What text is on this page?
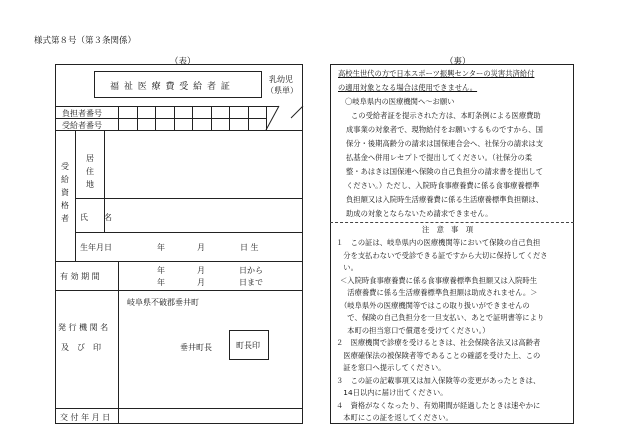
様式第８号（第３条関係）
（表）
福 祉 医 療 費 受 給 者 証
乳幼児
（県単）
負担者番号
受給者番号
受
給
資
格
者
居
住
地
氏　　名
生年月日	年	月	日 生
有 効 期 間
年	月	日から
年	月	日まで
発 行 機 関 名
及　び　印
岐阜県不破郡垂井町
垂井町長	町長印
交 付 年 月 日
（裏）
高校生世代の方で日本スポーツ振興センターの災害共済給付
の適用対象となる場合は使用できません。
〇岐阜県内の医療機関へ～お願い
この受給者証を提示された方は、本町条例による医療費助
成事業の対象者で、現物給付をお願いするものですから、国
保分・後期高齢分の請求は国保連合会へ、社保分の請求は支
払基金へ併用レセプトで提出してください。（社保分の柔
整・あはきは国保連へ保険の自己負担分の請求書を提出して
ください。）ただし、入院時食事療養費に係る食事療養標準
負担額又は入院時生活療養費に係る生活療養標準負担額は、
助成の対象とならないため請求できません。
注　意　事　項
１　この証は、岐阜県内の医療機関等において保険の自己負担
　分を支払わないで受診できる証ですから大切に保持してくださ
　い。
＜入院時食事療養費に係る食事療養標準負担額又は入院時生
　活療養費に係る生活療養標準負担額は助成されません。＞
（岐阜県外の医療機関等ではこの取り扱いができませんの
　で、保険の自己負担分を一旦支払い、あとで証明書等により
　本町の担当窓口で償還を受けてください。）
２　医療機関で診療を受けるときは、社会保険各法又は高齢者
　医療確保法の被保険者等であることの確認を受けた上、この
　証を窓口へ提示してください。
３　この証の記載事項又は加入保険等の変更があったときは、
　14日以内に届け出てください。
４　資格がなくなったり、有効期間が経過したときは速やかに
　本町にこの証を返してください。
